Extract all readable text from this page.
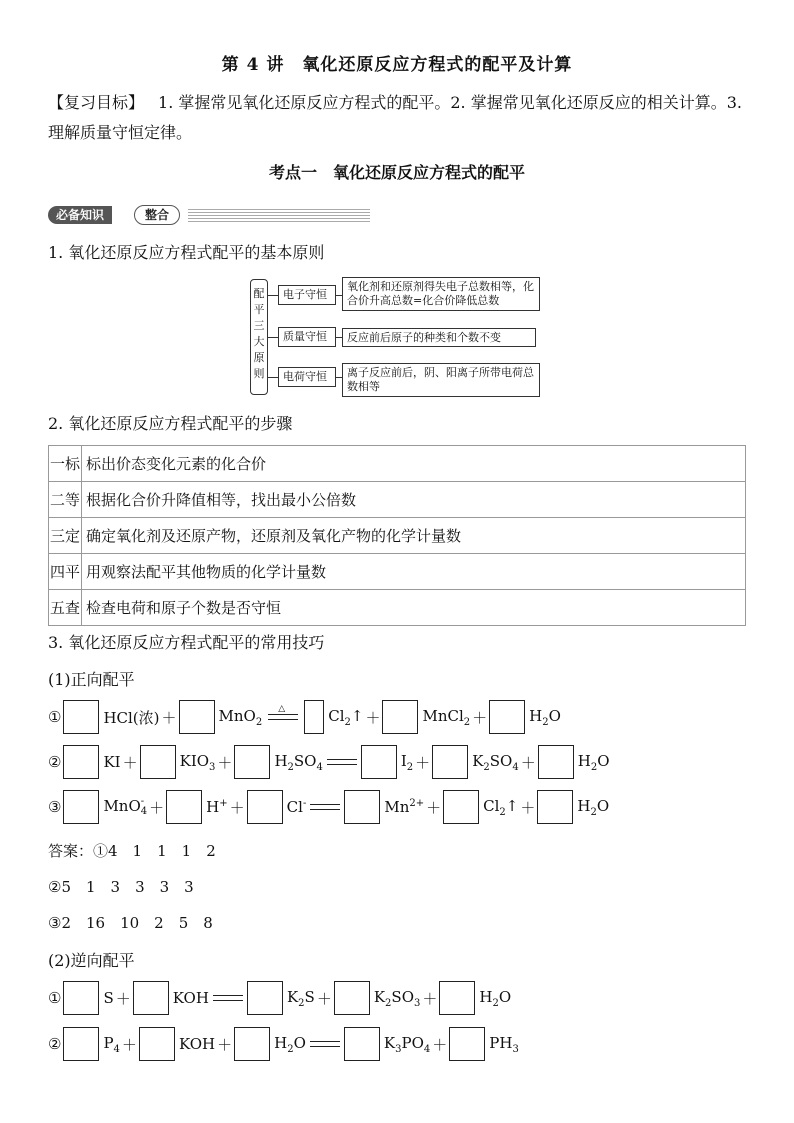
第 4 讲　氧化还原反应方程式的配平及计算
【复习目标】 1. 掌握常见氧化还原反应方程式的配平。2. 掌握常见氧化还原反应的相关计算。3. 理解质量守恒定律。
考点一　氧化还原反应方程式的配平
必备知识	整合
1. 氧化还原反应方程式配平的基本原则
配平三大原则
电子守恒
氧化剂和还原剂得失电子总数相等，化合价升高总数=化合价降低总数
质量守恒	反应前后原子的种类和个数不变
电荷守恒	离子反应前后，阴、阳离子所带电荷总数相等
2. 氧化还原反应方程式配平的步骤
一标	标出价态变化元素的化合价
二等	根据化合价升降值相等，找出最小公倍数
三定	确定氧化剂及还原产物，还原剂及氧化产物的化学计量数
四平	用观察法配平其他物质的化学计量数
五查	检查电荷和原子个数是否守恒
3. 氧化还原反应方程式配平的常用技巧
(1)正向配平
①	HCl(浓) ＋	MnO$_2$
△	$Cl_2↑$ ＋	MnCl$_2$ ＋	$H_2O$
②	KI ＋	$KIO_3$ ＋	$H_2SO_4$	$I_2$ ＋	$K_2SO_4$ ＋	$H_2O$
③	MnO -
4 ＋	H+ ＋	Cl-	$Mn^{2+}$ ＋	$Cl_2↑$ ＋	$H_2O$
答案：①4　1　1　1　2
②5　1　3　3　3　3
③2　16　10　2　5　8
(2)逆向配平
①	S ＋	KOH	$K_2S$ ＋	$K_2SO_3$ ＋	$H_2O$
②	$P_4$ ＋	KOH ＋	$H_2O$	$K_3PO_4$ ＋	$PH_3$
